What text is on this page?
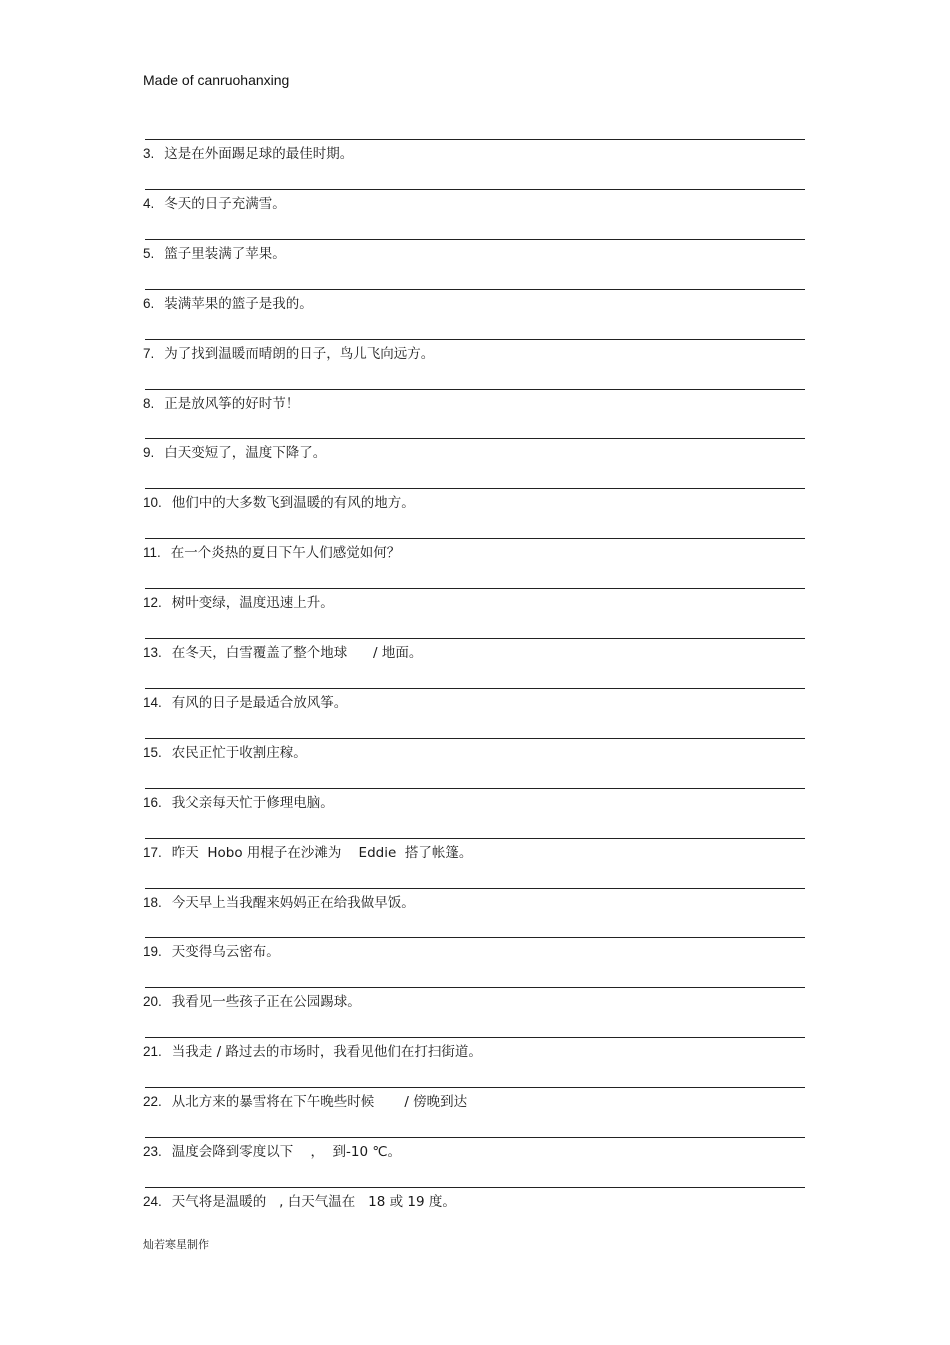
Made of canruohanxing
3. 这是在外面踢足球的最佳时期。
4. 冬天的日子充满雪。
5. 篮子里装满了苹果。
6. 装满苹果的篮子是我的。
7. 为了找到温暖而晴朗的日子，鸟儿飞向远方。
8. 正是放风筝的好时节！
9. 白天变短了，温度下降了。
10. 他们中的大多数飞到温暖的有风的地方。
11. 在一个炎热的夏日下午人们感觉如何？
12. 树叶变绿，温度迅速上升。
13. 在冬天，白雪覆盖了整个地球      / 地面。
14. 有风的日子是最适合放风筝。
15. 农民正忙于收割庄稼。
16. 我父亲每天忙于修理电脑。
17. 昨天  Hobo 用棍子在沙滩为    Eddie  搭了帐篷。
18. 今天早上当我醒来妈妈正在给我做早饭。
19. 天变得乌云密布。
20. 我看见一些孩子正在公园踢球。
21. 当我走 / 路过去的市场时，我看见他们在打扫街道。
22. 从北方来的暴雪将在下午晚些时候       / 傍晚到达
23. 温度会降到零度以下    ，  到-10 ℃。
24. 天气将是温暖的   , 白天气温在   18 或 19 度。
灿若寒星制作
